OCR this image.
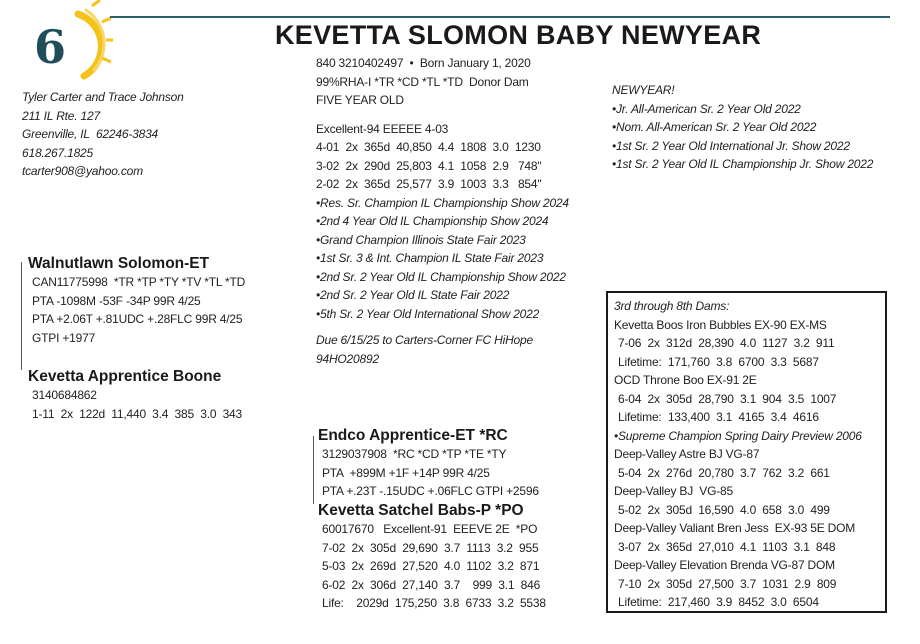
6	KEVETTA SLOMON BABY NEWYEAR
Tyler Carter and Trace Johnson
211 IL Rte. 127
Greenville, IL  62246-3834
618.267.1825
tcarter908@yahoo.com
840 3210402497  •  Born January 1, 2020
99%RHA-I *TR *CD *TL *TD  Donor Dam
FIVE YEAR OLD
Excellent-94 EEEEE 4-03
4-01  2x  365d  40,850  4.4  1808  3.0  1230
3-02  2x  290d  25,803  4.1  1058  2.9   748"
2-02  2x  365d  25,577  3.9  1003  3.3   854"
•Res. Sr. Champion IL Championship Show 2024
•2nd 4 Year Old IL Championship Show 2024
•Grand Champion Illinois State Fair 2023
•1st Sr. 3 & Int. Champion IL State Fair 2023
•2nd Sr. 2 Year Old IL Championship Show 2022
•2nd Sr. 2 Year Old IL State Fair 2022
•5th Sr. 2 Year Old International Show 2022
Due 6/15/25 to Carters-Corner FC HiHope
94HO20892
NEWYEAR!
•Jr. All-American Sr. 2 Year Old 2022
•Nom. All-American Sr. 2 Year Old 2022
•1st Sr. 2 Year Old International Jr. Show 2022
•1st Sr. 2 Year Old IL Championship Jr. Show 2022
Walnutlawn Solomon-ET
CAN11775998  *TR *TP *TY *TV *TL *TD
PTA -1098M -53F -34P 99R 4/25
PTA +2.06T +.81UDC +.28FLC 99R 4/25
GTPI +1977
Kevetta Apprentice Boone
3140684862
1-11  2x  122d  11,440  3.4  385  3.0  343
Endco Apprentice-ET *RC
3129037908  *RC *CD *TP *TE *TY
PTA  +899M +1F +14P 99R 4/25
PTA +.23T -.15UDC +.06FLC GTPI +2596
Kevetta Satchel Babs-P *PO
60017670   Excellent-91  EEEVE 2E  *PO
7-02  2x  305d  29,690  3.7  1113  3.2  955
5-03  2x  269d  27,520  4.0  1102  3.2  871
6-02  2x  306d  27,140  3.7    999  3.1  846
Life:    2029d  175,250  3.8  6733  3.2  5538
3rd through 8th Dams:
Kevetta Boos Iron Bubbles EX-90 EX-MS
7-06  2x  312d  28,390  4.0  1127  3.2  911
Lifetime:  171,760  3.8  6700  3.3  5687
OCD Throne Boo EX-91 2E
6-04  2x  305d  28,790  3.1  904  3.5  1007
Lifetime:  133,400  3.1  4165  3.4  4616
•Supreme Champion Spring Dairy Preview 2006
Deep-Valley Astre BJ VG-87
5-04  2x  276d  20,780  3.7  762  3.2  661
Deep-Valley BJ  VG-85
5-02  2x  305d  16,590  4.0  658  3.0  499
Deep-Valley Valiant Bren Jess  EX-93 5E DOM
3-07  2x  365d  27,010  4.1  1103  3.1  848
Deep-Valley Elevation Brenda VG-87 DOM
7-10  2x  305d  27,500  3.7  1031  2.9  809
Lifetime:  217,460  3.9  8452  3.0  6504
